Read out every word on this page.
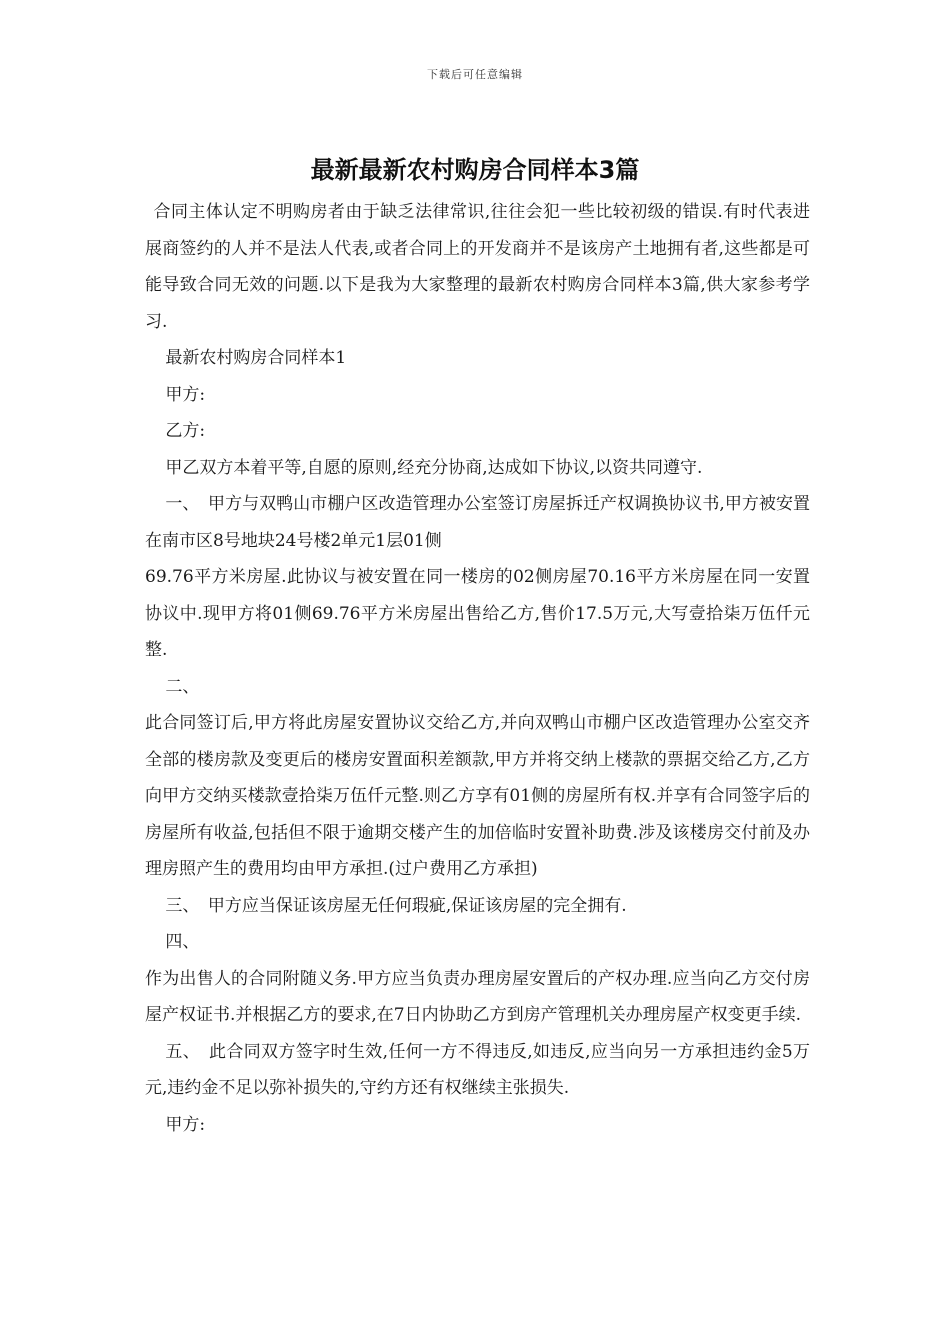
下载后可任意编辑
最新最新农村购房合同样本3篇

合同主体认定不明购房者由于缺乏法律常识,往往会犯一些比较初级的错误.有时代表进展商签约的人并不是法人代表,或者合同上的开发商并不是该房产土地拥有者,这些都是可能导致合同无效的问题.以下是我为大家整理的最新农村购房合同样本3篇,供大家参考学习.

最新农村购房合同样本1

甲方:

乙方:

甲乙双方本着平等,自愿的原则,经充分协商,达成如下协议,以资共同遵守.

一、　甲方与双鸭山市棚户区改造管理办公室签订房屋拆迁产权调换协议书,甲方被安置在南市区8号地块24号楼2单元1层01侧

69.76平方米房屋.此协议与被安置在同一楼房的02侧房屋70.16平方米房屋在同一安置协议中.现甲方将01侧69.76平方米房屋出售给乙方,售价17.5万元,大写壹拾柒万伍仟元整.

二、

此合同签订后,甲方将此房屋安置协议交给乙方,并向双鸭山市棚户区改造管理办公室交齐全部的楼房款及变更后的楼房安置面积差额款,甲方并将交纳上楼款的票据交给乙方,乙方向甲方交纳买楼款壹拾柒万伍仟元整.则乙方享有01侧的房屋所有权.并享有合同签字后的房屋所有收益,包括但不限于逾期交楼产生的加倍临时安置补助费.涉及该楼房交付前及办理房照产生的费用均由甲方承担.(过户费用乙方承担)

三、　甲方应当保证该房屋无任何瑕疵,保证该房屋的完全拥有.

四、

作为出售人的合同附随义务.甲方应当负责办理房屋安置后的产权办理.应当向乙方交付房屋产权证书.并根据乙方的要求,在7日内协助乙方到房产管理机关办理房屋产权变更手续.

五、　此合同双方签字时生效,任何一方不得违反,如违反,应当向另一方承担违约金5万元,违约金不足以弥补损失的,守约方还有权继续主张损失.

甲方:
